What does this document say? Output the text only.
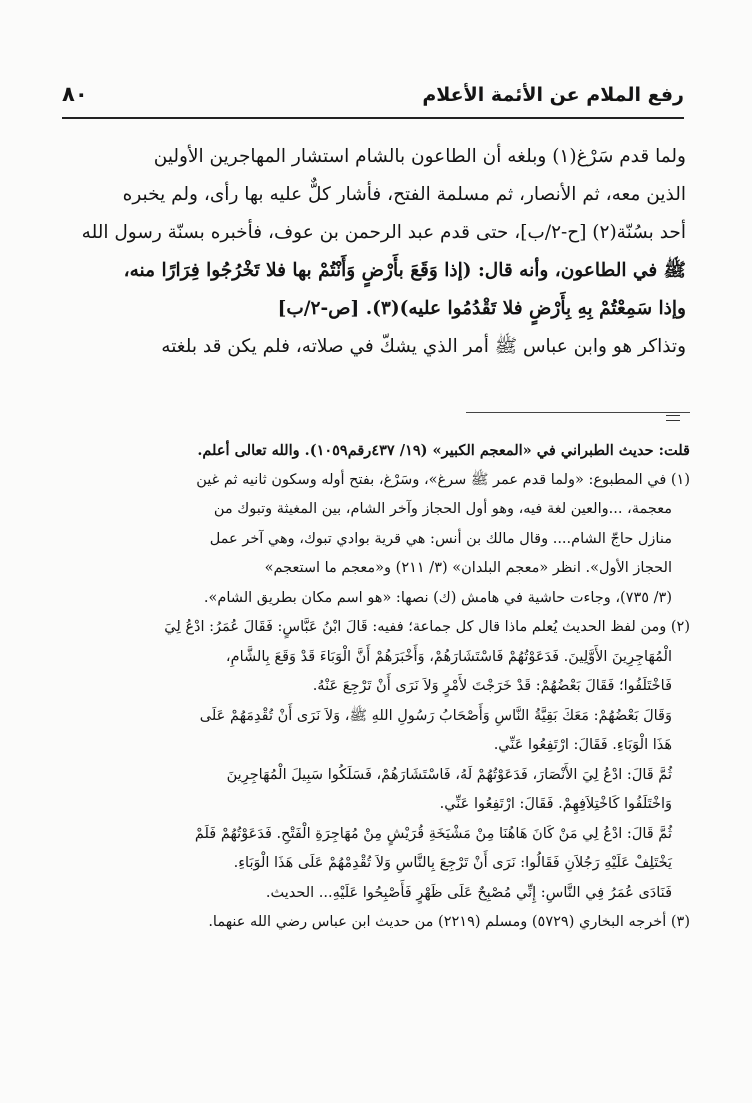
رفع الملام عن الأئمة الأعلام
٨٠
ولما قدم سَرْغ(١) وبلغه أن الطاعون بالشام استشار المهاجرين الأولين
الذين معه، ثم الأنصار، ثم مسلمة الفتح، فأشار كلٌّ عليه بها رأى، ولم يخبره
أحد بسُنّة(٢) [ح-٢/ب]، حتى قدم عبد الرحمن بن عوف، فأخبره بسنّة رسول الله
ﷺ في الطاعون، وأنه قال: (إذا وَقَعَ بأَرْضٍ وَأَنْتُمْ بها فلا تَخْرُجُوا فِرَارًا منه،
وإذا سَمِعْتُمْ بِهِ بِأَرْضٍ فلا تَقْدُمُوا عليه)(٣). [ص-٢/ب]
وتذاكر هو وابن عباس ﷺ أمر الذي يشكّ في صلاته، فلم يكن قد بلغته
قلت: حديث الطبراني في «المعجم الكبير» (١٩/ ٤٣٧رقم١٠٥٩). والله تعالى أعلم.
(١) في المطبوع: «ولما قدم عمر ﷺ سرغ»، وسَرْغ، بفتح أوله وسكون ثانيه ثم غين
معجمة، ...والعين لغة فيه، وهو أول الحجاز وآخر الشام، بين المغيثة وتبوك من
منازل حاجّ الشام.... وقال مالك بن أنس: هي قرية بوادي تبوك، وهي آخر عمل
الحجاز الأول». انظر «معجم البلدان» (٣/ ٢١١) و«معجم ما استعجم»
(٣/ ٧٣٥)، وجاءت حاشية في هامش (ك) نصها: «هو اسم مكان بطريق الشام».
(٢) ومن لفظ الحديث يُعلم ماذا قال كل جماعة؛ ففيه: قَالَ ابْنُ عَبَّاسٍ: فَقَالَ عُمَرُ: ادْعُ لِيَ
الْمُهَاجِرِينَ الأَوَّلِينَ. فَدَعَوْتُهُمْ فَاسْتَشَارَهُمْ، وَأَخْبَرَهُمْ أَنَّ الْوَبَاءَ قَدْ وَقَعَ بِالشَّامِ،
فَاخْتَلَفُوا؛ فَقَالَ بَعْضُهُمْ: قَدْ خَرَجْتَ لأَمْرٍ وَلاَ نَرَى أَنْ تَرْجِعَ عَنْهُ.
وَقَالَ بَعْضُهُمْ: مَعَكَ بَقِيَّةُ النَّاسِ وَأَصْحَابُ رَسُولِ اللهِ ﷺ، وَلاَ نَرَى أَنْ تُقْدِمَهُمْ عَلَى
هَذَا الْوَبَاءِ. فَقَالَ: ارْتَفِعُوا عَنِّي.
ثُمَّ قَالَ: ادْعُ لِيَ الأَنْصَارَ، فَدَعَوْتُهُمْ لَهُ، فَاسْتَشَارَهُمْ، فَسَلَكُوا سَبِيلَ الْمُهَاجِرِينَ
وَاخْتَلَفُوا كَاخْتِلاَفِهِمْ. فَقَالَ: ارْتَفِعُوا عَنِّي.
ثُمَّ قَالَ: ادْعُ لِي مَنْ كَانَ هَاهُنَا مِنْ مَشْيَخَةِ قُرَيْشٍ مِنْ مُهَاجِرَةِ الْفَتْحِ. فَدَعَوْتُهُمْ فَلَمْ
يَخْتَلِفْ عَلَيْهِ رَجُلاَنِ فَقَالُوا: نَرَى أَنْ تَرْجِعَ بِالنَّاسِ وَلاَ تُقْدِمْهُمْ عَلَى هَذَا الْوَبَاءِ.
فَنَادَى عُمَرُ فِي النَّاسِ: إِنِّي مُصْبِحٌ عَلَى ظَهْرٍ فَأَصْبِحُوا عَلَيْهِ... الحديث.
(٣) أخرجه البخاري (٥٧٢٩) ومسلم (٢٢١٩) من حديث ابن عباس رضي الله عنهما.
